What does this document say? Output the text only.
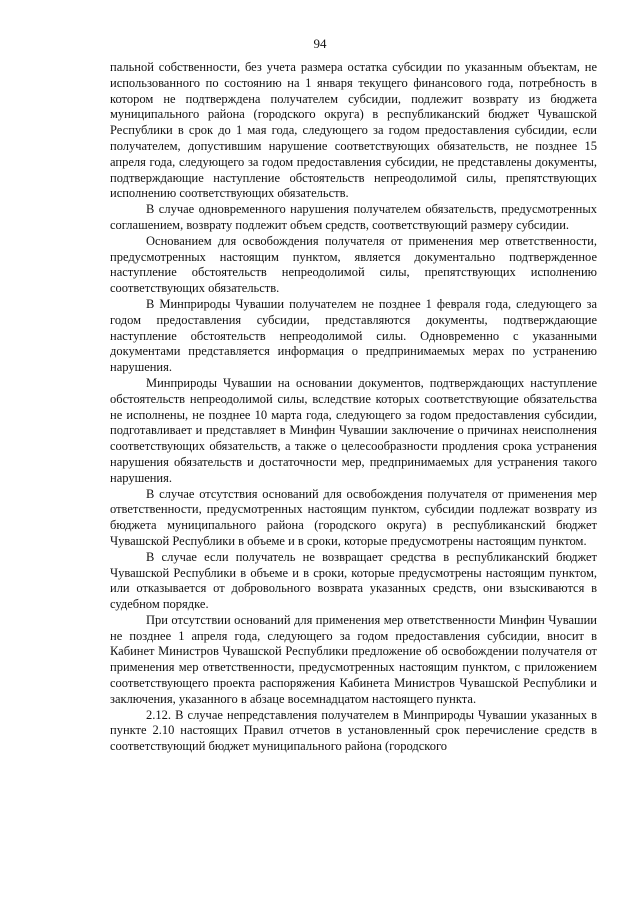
94

пальной собственности, без учета размера остатка субсидии по указанным объектам, не использованного по состоянию на 1 января текущего финансового года, потребность в котором не подтверждена получателем субсидии, подлежит возврату из бюджета муниципального района (городского округа) в республиканский бюджет Чувашской Республики в срок до 1 мая года, следующего за годом предоставления субсидии, если получателем, допустившим нарушение соответствующих обязательств, не позднее 15 апреля года, следующего за годом предоставления субсидии, не представлены документы, подтверждающие наступление обстоятельств непреодолимой силы, препятствующих исполнению соответствующих обязательств.

В случае одновременного нарушения получателем обязательств, предусмотренных соглашением, возврату подлежит объем средств, соответствующий размеру субсидии.

Основанием для освобождения получателя от применения мер ответственности, предусмотренных настоящим пунктом, является документально подтвержденное наступление обстоятельств непреодолимой силы, препятствующих исполнению соответствующих обязательств.

В Минприроды Чувашии получателем не позднее 1 февраля года, следующего за годом предоставления субсидии, представляются документы, подтверждающие наступление обстоятельств непреодолимой силы. Одновременно с указанными документами представляется информация о предпринимаемых мерах по устранению нарушения.

Минприроды Чувашии на основании документов, подтверждающих наступление обстоятельств непреодолимой силы, вследствие которых соответствующие обязательства не исполнены, не позднее 10 марта года, следующего за годом предоставления субсидии, подготавливает и представляет в Минфин Чувашии заключение о причинах неисполнения соответствующих обязательств, а также о целесообразности продления срока устранения нарушения обязательств и достаточности мер, предпринимаемых для устранения такого нарушения.

В случае отсутствия оснований для освобождения получателя от применения мер ответственности, предусмотренных настоящим пунктом, субсидии подлежат возврату из бюджета муниципального района (городского округа) в республиканский бюджет Чувашской Республики в объеме и в сроки, которые предусмотрены настоящим пунктом.

В случае если получатель не возвращает средства в республиканский бюджет Чувашской Республики в объеме и в сроки, которые предусмотрены настоящим пунктом, или отказывается от добровольного возврата указанных средств, они взыскиваются в судебном порядке.

При отсутствии оснований для применения мер ответственности Минфин Чувашии не позднее 1 апреля года, следующего за годом предоставления субсидии, вносит в Кабинет Министров Чувашской Республики предложение об освобождении получателя от применения мер ответственности, предусмотренных настоящим пунктом, с приложением соответствующего проекта распоряжения Кабинета Министров Чувашской Республики и заключения, указанного в абзаце восемнадцатом настоящего пункта.

2.12. В случае непредставления получателем в Минприроды Чувашии указанных в пункте 2.10 настоящих Правил отчетов в установленный срок перечисление средств в соответствующий бюджет муниципального района (городского
